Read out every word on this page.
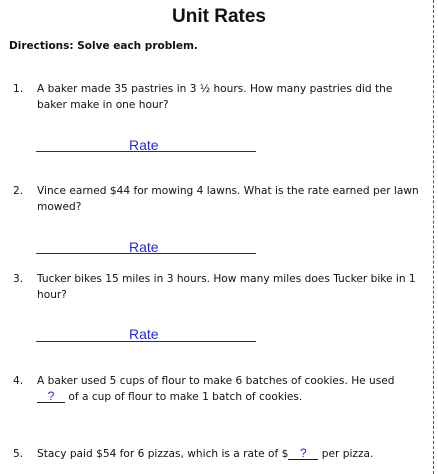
Unit Rates
Directions: Solve each problem.
1.	A baker made 35 pastries in 3 ½ hours. How many pastries did the baker make in one hour?
Rate
2.	Vince earned $44 for mowing 4 lawns. What is the rate earned per lawn mowed?
Rate
3.	Tucker bikes 15 miles in 3 hours. How many miles does Tucker bike in 1 hour?
Rate
4.	A baker used 5 cups of flour to make 6 batches of cookies. He used ? of a cup of flour to make 1 batch of cookies.
5.	Stacy paid $54 for 6 pizzas, which is a rate of $ ? per pizza.
